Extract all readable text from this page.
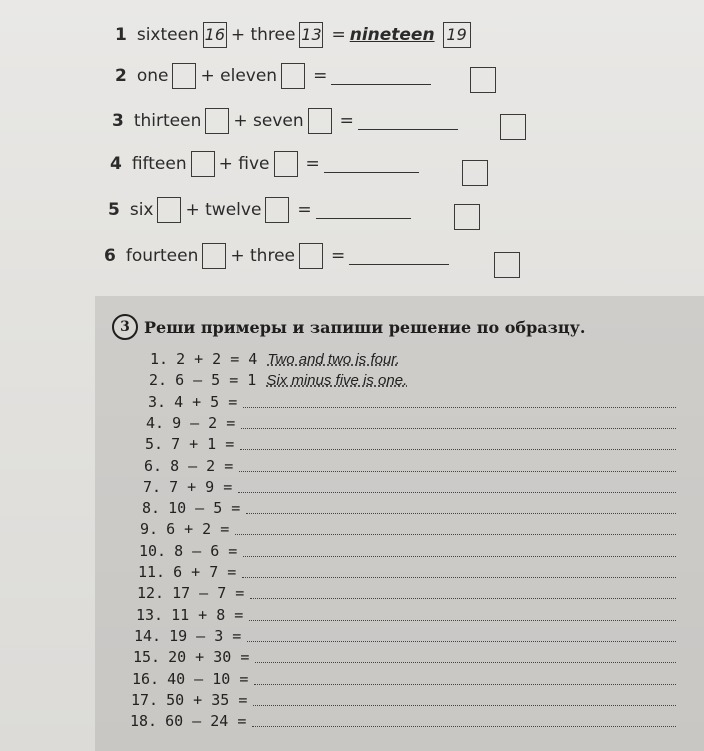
1 sixteen 16 + three 13 = nineteen 19
2 one + eleven =
3 thirteen + seven =
4 fifteen + five =
5 six + twelve =
6 fourteen + three =
3 Реши примеры и запиши решение по образцу.
1. 2 + 2 = 4 Two and two is four.
2. 6 — 5 = 1 Six minus five is one.
3. 4 + 5 =
4. 9 — 2 =
5. 7 + 1 =
6. 8 — 2 =
7. 7 + 9 =
8. 10 — 5 =
9. 6 + 2 =
10. 8 — 6 =
11. 6 + 7 =
12. 17 — 7 =
13. 11 + 8 =
14. 19 — 3 =
15. 20 + 30 =
16. 40 — 10 =
17. 50 + 35 =
18. 60 — 24 =
